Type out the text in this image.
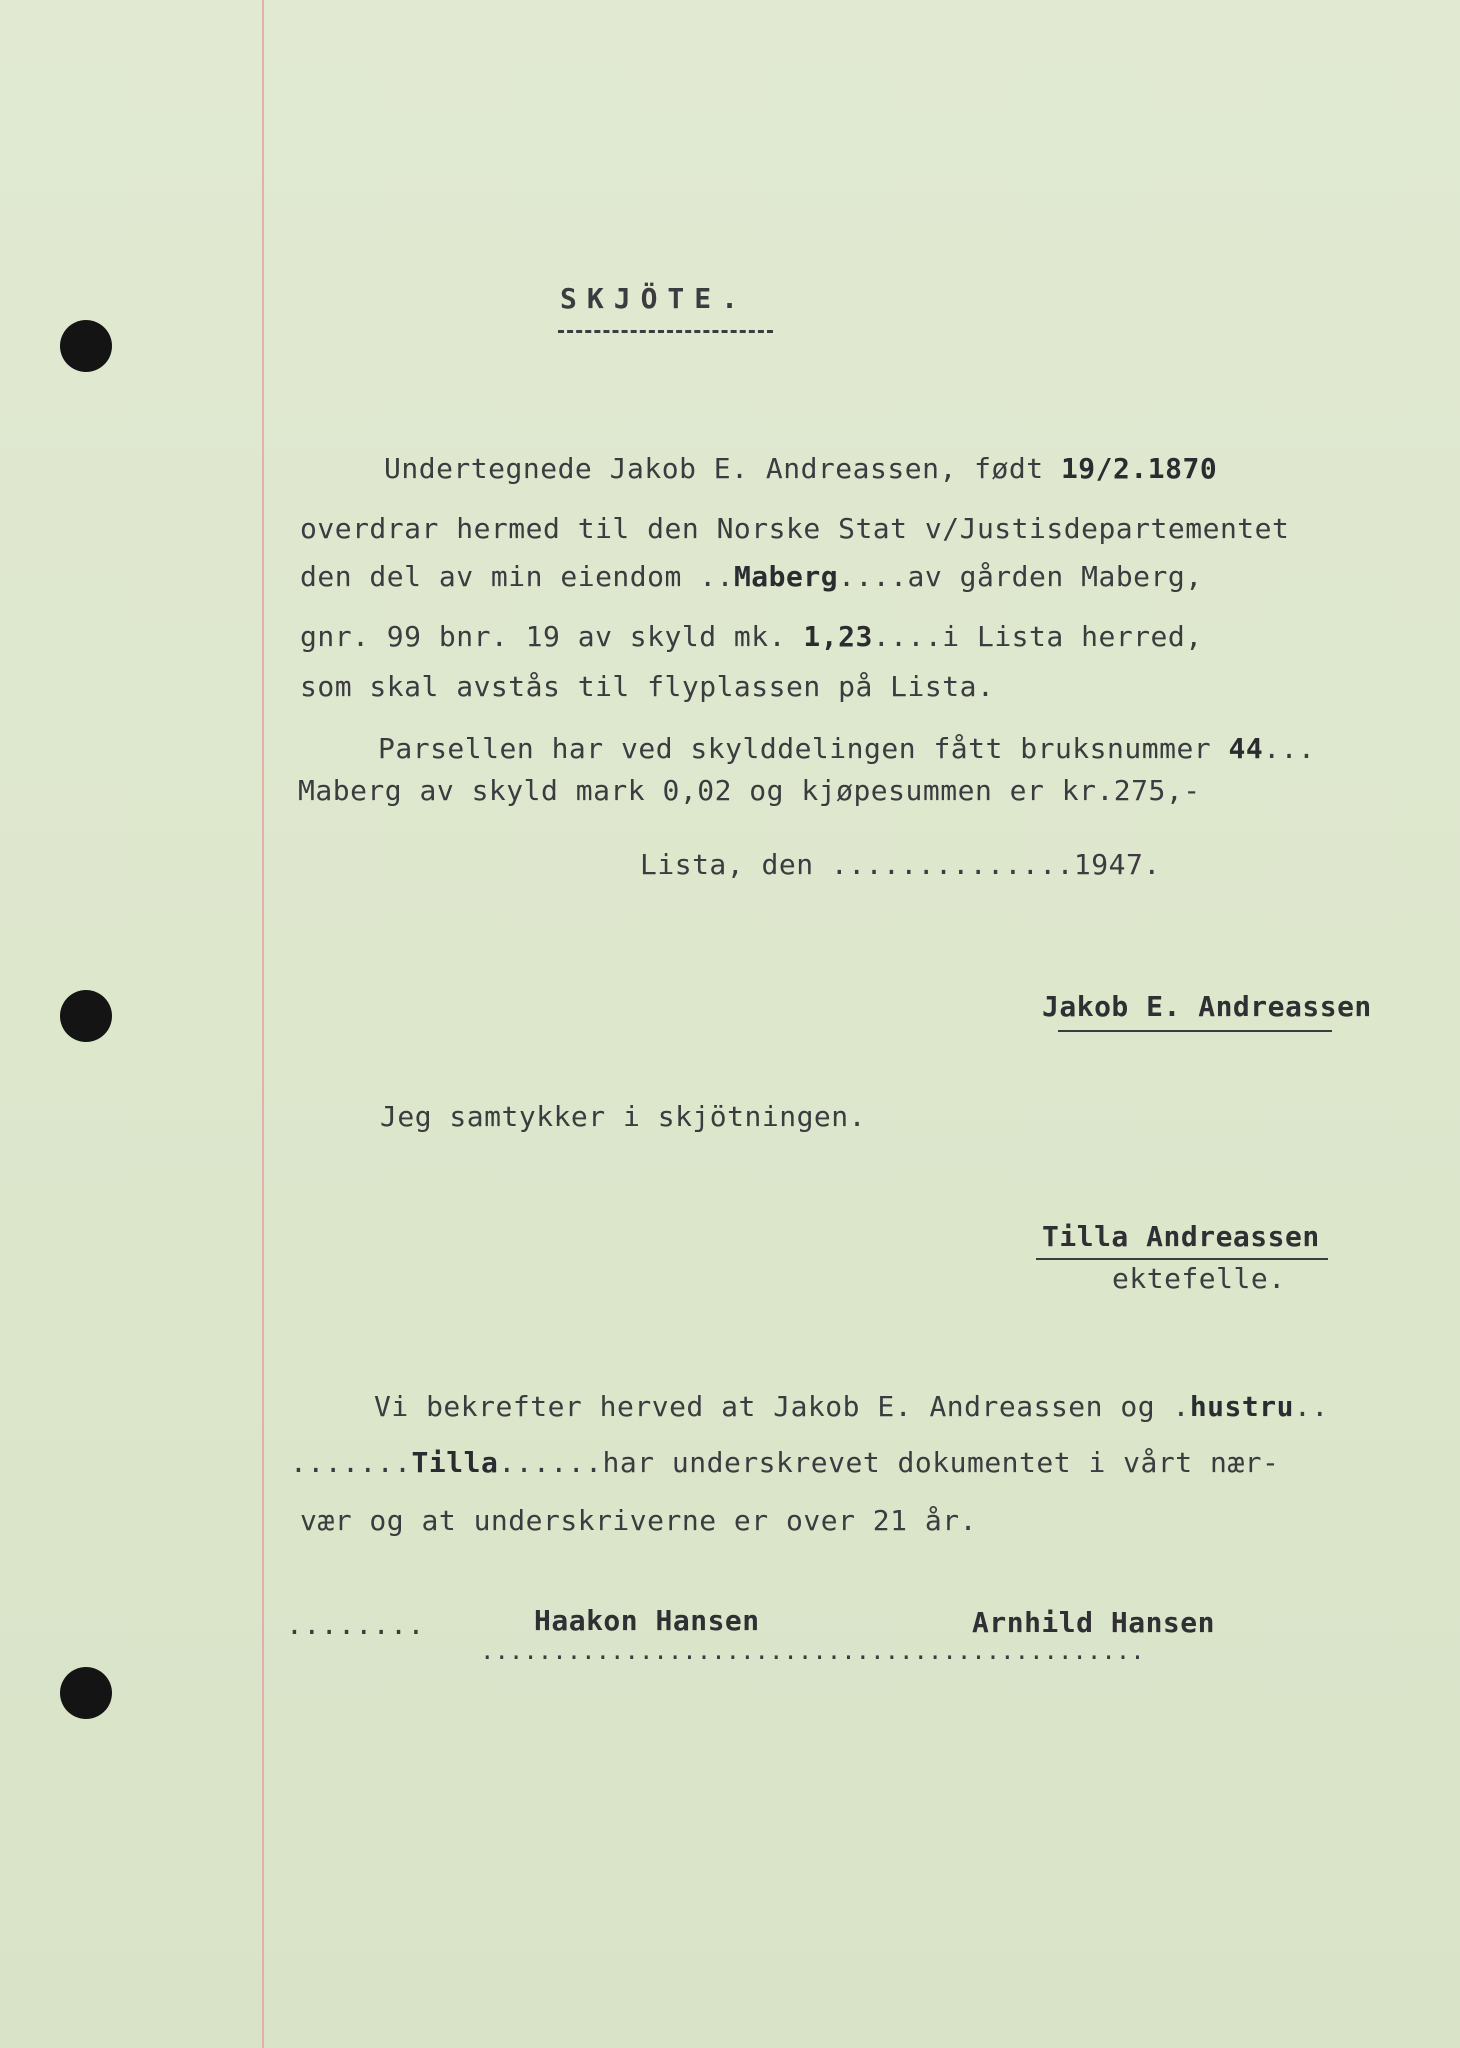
SKJÖTE.
Undertegnede Jakob E. Andreassen, født 19/2.1870
overdrar hermed til den Norske Stat v/Justisdepartementet
den del av min eiendom ..Maberg....av gården Maberg,
gnr. 99 bnr. 19 av skyld mk. 1,23....i Lista herred,
som skal avstås til flyplassen på Lista.
Parsellen har ved skylddelingen fått bruksnummer 44...
Maberg av skyld mark 0,02 og kjøpesummen er kr.275,-
Lista, den ..............1947.
Jakob E. Andreassen
Jeg samtykker i skjötningen.
Tilla Andreassen
ektefelle.
Vi bekrefter herved at Jakob E. Andreassen og .hustru..
.......Tilla......har underskrevet dokumentet i vårt nær-
vær og at underskriverne er over 21 år.
........	Haakon Hansen	Arnhild Hansen
..............................................
